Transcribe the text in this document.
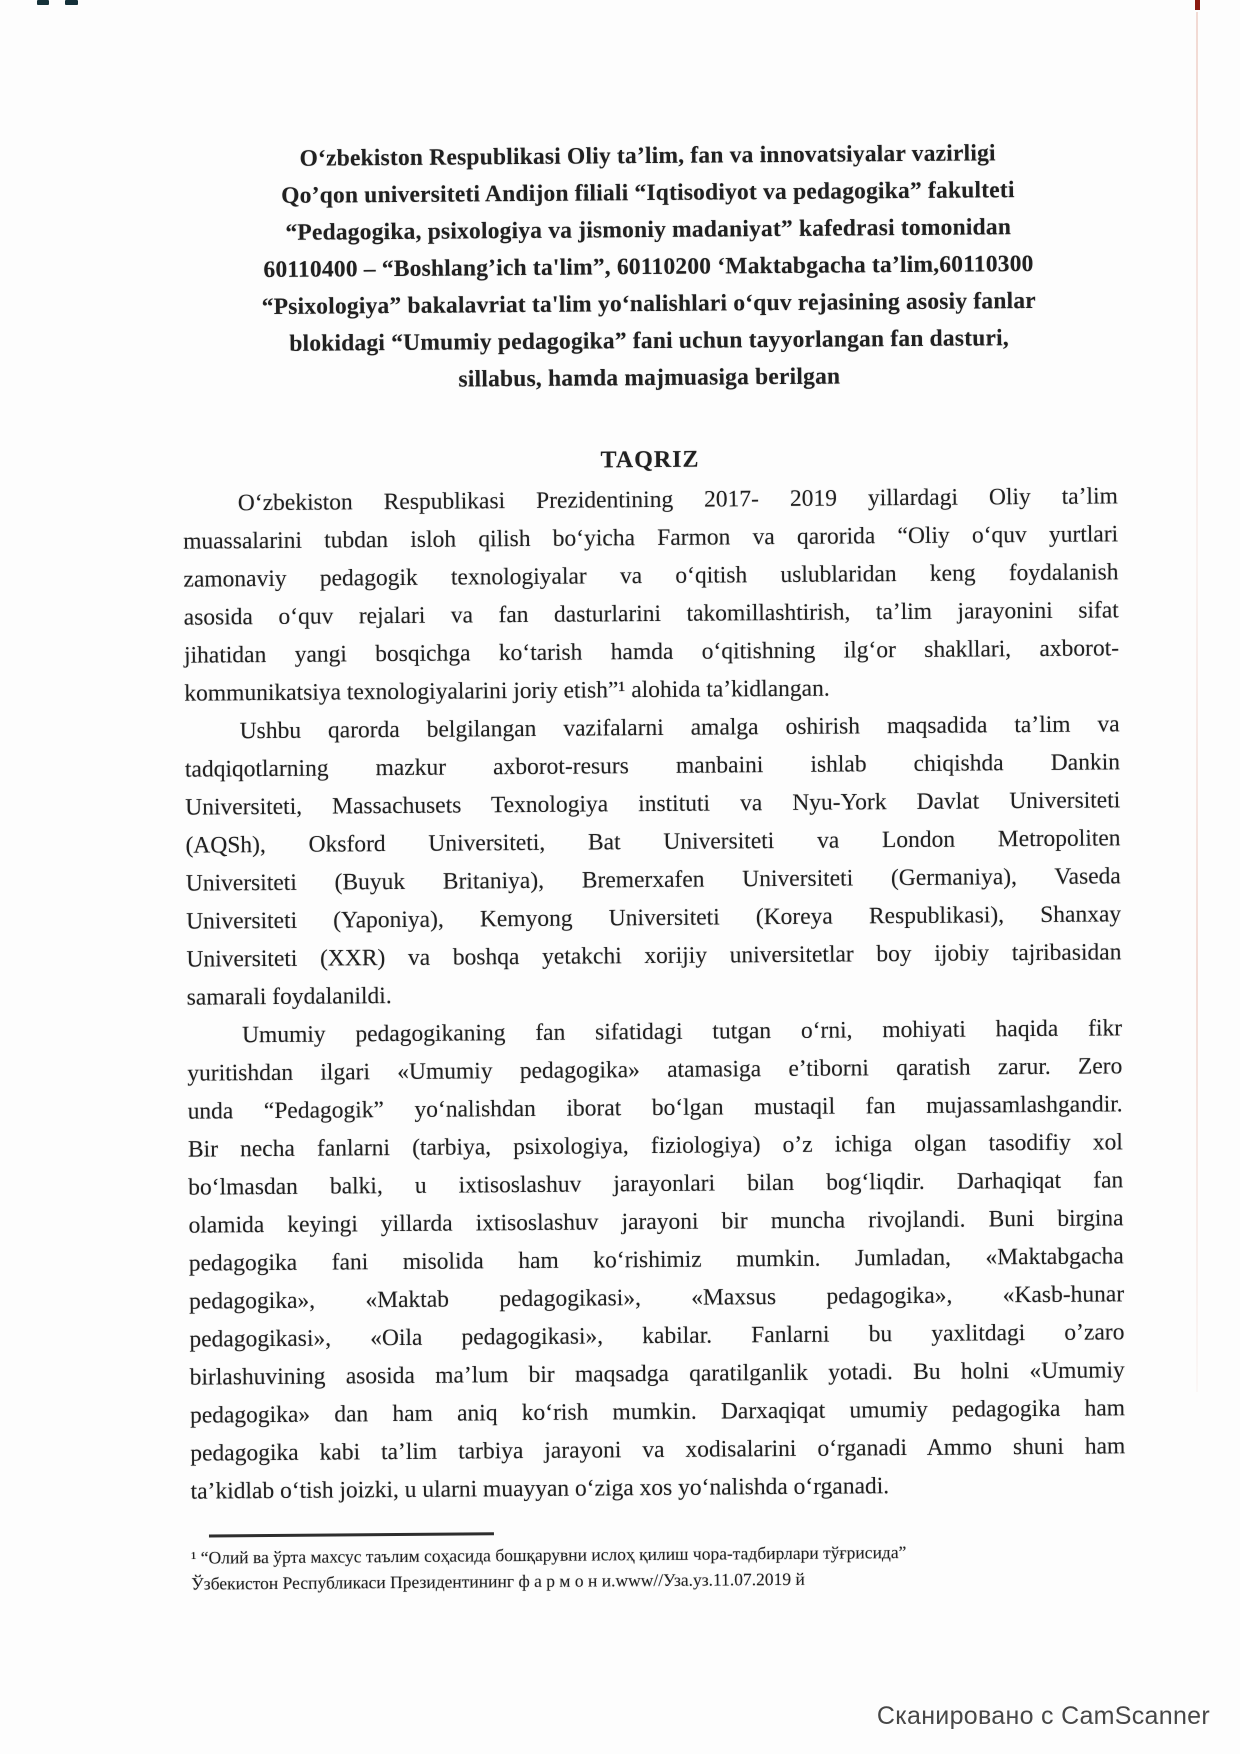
O‘zbekiston Respublikasi Oliy ta’lim, fan va innovatsiyalar vazirligi
Qo’qon universiteti Andijon filiali “Iqtisodiyot va pedagogika” fakulteti
“Pedagogika, psixologiya va jismoniy madaniyat” kafedrasi tomonidan
60110400 – “Boshlang’ich ta'lim”, 60110200 ‘Maktabgacha ta’lim,60110300
“Psixologiya” bakalavriat ta'lim yo‘nalishlari o‘quv rejasining asosiy fanlar
blokidagi “Umumiy pedagogika” fani uchun tayyorlangan fan dasturi,
sillabus, hamda majmuasiga berilgan
TAQRIZ
O‘zbekiston Respublikasi Prezidentining 2017- 2019 yillardagi Oliy ta’lim
muassalarini tubdan isloh qilish bo‘yicha Farmon va qarorida “Oliy o‘quv yurtlari
zamonaviy pedagogik texnologiyalar va o‘qitish uslublaridan keng foydalanish
asosida o‘quv rejalari va fan dasturlarini takomillashtirish, ta’lim jarayonini sifat
jihatidan yangi bosqichga ko‘tarish hamda o‘qitishning ilg‘or shakllari, axborot-
kommunikatsiya texnologiyalarini joriy etish”¹ alohida ta’kidlangan.
Ushbu qarorda belgilangan vazifalarni amalga oshirish maqsadida ta’lim va
tadqiqotlarning mazkur axborot-resurs manbaini ishlab chiqishda Dankin
Universiteti, Massachusets Texnologiya instituti va Nyu-York Davlat Universiteti
(AQSh), Oksford Universiteti, Bat Universiteti va London Metropoliten
Universiteti (Buyuk Britaniya), Bremerxafen Universiteti (Germaniya), Vaseda
Universiteti (Yaponiya), Kemyong Universiteti (Koreya Respublikasi), Shanxay
Universiteti (XXR) va boshqa yetakchi xorijiy universitetlar boy ijobiy tajribasidan
samarali foydalanildi.
Umumiy pedagogikaning fan sifatidagi tutgan o‘rni, mohiyati haqida fikr
yuritishdan ilgari «Umumiy pedagogika» atamasiga e’tiborni qaratish zarur. Zero
unda “Pedagogik” yo‘nalishdan iborat bo‘lgan mustaqil fan mujassamlashgandir.
Bir necha fanlarni (tarbiya, psixologiya, fiziologiya) o’z ichiga olgan tasodifiy xol
bo‘lmasdan balki, u ixtisoslashuv jarayonlari bilan bog‘liqdir. Darhaqiqat fan
olamida keyingi yillarda ixtisoslashuv jarayoni bir muncha rivojlandi. Buni birgina
pedagogika fani misolida ham ko‘rishimiz mumkin. Jumladan, «Maktabgacha
pedagogika», «Maktab pedagogikasi», «Maxsus pedagogika», «Kasb-hunar
pedagogikasi», «Oila pedagogikasi», kabilar. Fanlarni bu yaxlitdagi o’zaro
birlashuvining asosida ma’lum bir maqsadga qaratilganlik yotadi. Bu holni «Umumiy
pedagogika» dan ham aniq ko‘rish mumkin. Darxaqiqat umumiy pedagogika ham
pedagogika kabi ta’lim tarbiya jarayoni va xodisalarini o‘rganadi Ammo shuni ham
ta’kidlab o‘tish joizki, u ularni muayyan o‘ziga xos yo‘nalishda o‘rganadi.
¹ “Олий ва ўрта махсус таълим соҳасида бошқарувни ислоҳ қилиш чора-тадбирлари тўғрисида”
Ўзбекистон Республикаси Президентининг ф а р м о н и.www//Уза.уз.11.07.2019 й
Сканировано с CamScanner
